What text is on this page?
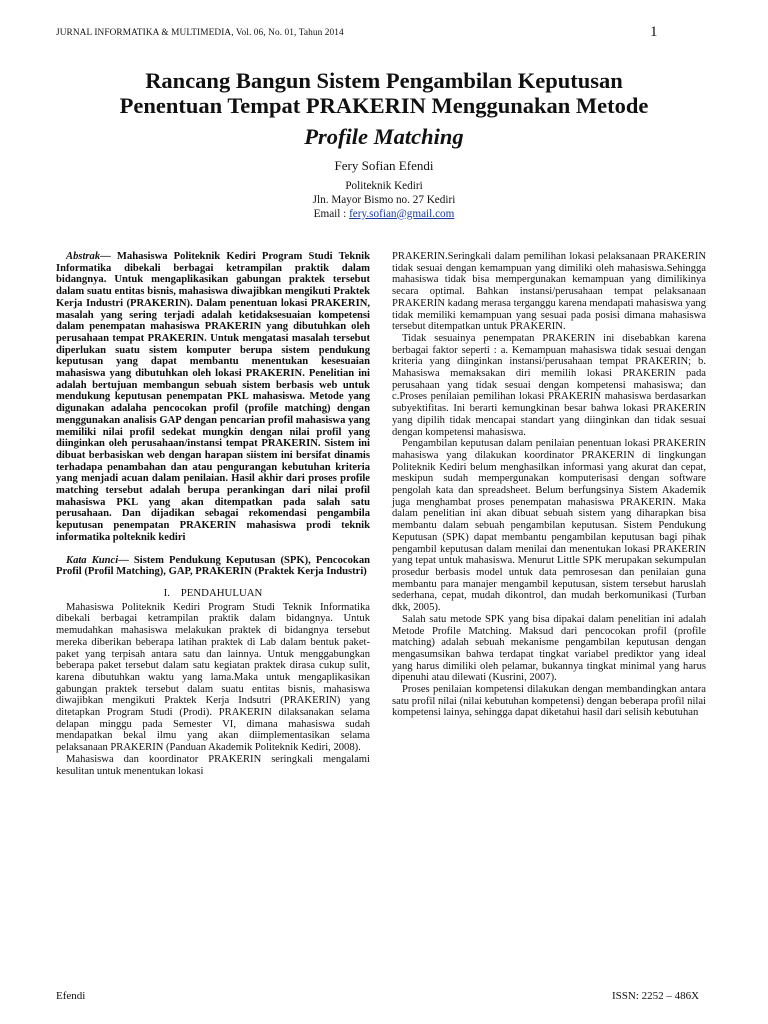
JURNAL INFORMATIKA & MULTIMEDIA, Vol. 06, No. 01, Tahun 2014	1
Rancang Bangun Sistem Pengambilan Keputusan
Penentuan Tempat PRAKERIN Menggunakan Metode
Profile Matching
Fery Sofian Efendi
Politeknik Kediri
Jln. Mayor Bismo no. 27 Kediri
Email : fery.sofian@gmail.com

Abstrak— Mahasiswa Politeknik Kediri Program Studi Teknik Informatika dibekali berbagai ketrampilan praktik dalam bidangnya. Untuk mengaplikasikan gabungan praktek tersebut dalam suatu entitas bisnis, mahasiswa diwajibkan mengikuti Praktek Kerja Industri (PRAKERIN). Dalam penentuan lokasi PRAKERIN, masalah yang sering terjadi adalah ketidaksesuaian kompetensi dalam penempatan mahasiswa PRAKERIN yang dibutuhkan oleh perusahaan tempat PRAKERIN. Untuk mengatasi masalah tersebut diperlukan suatu sistem komputer berupa sistem pendukung keputusan yang dapat membantu menentukan kesesuaian mahasiswa yang dibutuhkan oleh lokasi PRAKERIN. Penelitian ini adalah bertujuan membangun sebuah sistem berbasis web untuk mendukung keputusan penempatan PKL mahasiswa. Metode yang digunakan adalaha pencocokan profil (profile matching) dengan menggunakan analisis GAP dengan pencarian profil mahasiswa yang memiliki nilai profil sedekat mungkin dengan nilai profil yang diinginkan oleh perusahaan/instansi tempat PRAKERIN. Sistem ini dibuat berbasiskan web dengan harapan siistem ini bersifat dinamis terhadapa penambahan dan atau pengurangan kebutuhan kriteria yang menjadi acuan dalam penilaian. Hasil akhir dari proses profile matching tersebut adalah berupa perankingan dari nilai profil mahasiswa PKL yang akan ditempatkan pada salah satu perusahaan. Dan dijadikan sebagai rekomendasi pengambila keputusan penempatan PRAKERIN mahasiswa prodi teknik informatika polteknik kediri

Kata Kunci— Sistem Pendukung Keputusan (SPK), Pencocokan Profil (Profil Matching), GAP, PRAKERIN (Praktek Kerja Industri)

I. PENDAHULUAN

Mahasiswa Politeknik Kediri Program Studi Teknik Informatika dibekali berbagai ketrampilan praktik dalam bidangnya. Untuk memudahkan mahasiswa melakukan praktek di bidangnya tersebut mereka diberikan beberapa latihan praktek di Lab dalam bentuk paket-paket yang terpisah antara satu dan lainnya. Untuk menggabungkan beberapa paket tersebut dalam satu kegiatan praktek dirasa cukup sulit, karena dibutuhkan waktu yang lama.Maka untuk mengaplikasikan gabungan praktek tersebut dalam suatu entitas bisnis, mahasiswa diwajibkan mengikuti Praktek Kerja Indsutri (PRAKERIN) yang ditetapkan Program Studi (Prodi). PRAKERIN dilaksanakan selama delapan minggu pada Semester VI, dimana mahasiswa sudah mendapatkan bekal ilmu yang akan diimplementasikan selama pelaksanaan PRAKERIN (Panduan Akademik Politeknik Kediri, 2008).

Mahasiswa dan koordinator PRAKERIN seringkali mengalami kesulitan untuk menentukan lokasi

PRAKERIN.Seringkali dalam pemilihan lokasi pelaksanaan PRAKERIN tidak sesuai dengan kemampuan yang dimiliki oleh mahasiswa.Sehingga mahasiswa tidak bisa mempergunakan kemampuan yang dimilikinya secara optimal. Bahkan instansi/perusahaan tempat pelaksanaan PRAKERIN kadang merasa terganggu karena mendapati mahasiswa yang tidak memiliki kemampuan yang sesuai pada posisi dimana mahasiswa tersebut ditempatkan untuk PRAKERIN.

Tidak sesuainya penempatan PRAKERIN ini disebabkan karena berbagai faktor seperti : a. Kemampuan mahasiswa tidak sesuai dengan kriteria yang diinginkan instansi/perusahaan tempat PRAKERIN; b. Mahasiswa memaksakan diri memilih lokasi PRAKERIN pada perusahaan yang tidak sesuai dengan kompetensi mahasiswa; dan c.Proses penilaian pemilihan lokasi PRAKERIN mahasiswa berdasarkan subyektifitas. Ini berarti kemungkinan besar bahwa lokasi PRAKERIN yang dipilih tidak mencapai standart yang diinginkan dan tidak sesuai dengan kompetensi mahasiswa.

Pengambilan keputusan dalam penilaian penentuan lokasi PRAKERIN mahasiswa yang dilakukan koordinator PRAKERIN di lingkungan Politeknik Kediri belum menghasilkan informasi yang akurat dan cepat, meskipun sudah mempergunakan komputerisasi dengan software pengolah kata dan spreadsheet. Belum berfungsinya Sistem Akademik juga menghambat proses penempatan mahasiswa PRAKERIN. Maka dalam penelitian ini akan dibuat sebuah sistem yang diharapkan bisa membantu dalam sebuah pengambilan keputusan. Sistem Pendukung Keputusan (SPK) dapat membantu pengambilan keputusan bagi pihak pengambil keputusan dalam menilai dan menentukan lokasi PRAKERIN yang tepat untuk mahasiswa. Menurut Little SPK merupakan sekumpulan prosedur berbasis model untuk data pemrosesan dan penilaian guna membantu para manajer mengambil keputusan, sistem tersebut haruslah sederhana, cepat, mudah dikontrol, dan mudah berkomunikasi (Turban dkk, 2005).

Salah satu metode SPK yang bisa dipakai dalam penelitian ini adalah Metode Profile Matching. Maksud dari pencocokan profil (profile matching) adalah sebuah mekanisme pengambilan keputusan dengan mengasumsikan bahwa terdapat tingkat variabel prediktor yang ideal yang harus dimiliki oleh pelamar, bukannya tingkat minimal yang harus dipenuhi atau dilewati (Kusrini, 2007).

Proses penilaian kompetensi dilakukan dengan membandingkan antara satu profil nilai (nilai kebutuhan kompetensi) dengan beberapa profil nilai kompetensi lainya, sehingga dapat diketahui hasil dari selisih kebutuhan

Efendi	ISSN: 2252 – 486X
